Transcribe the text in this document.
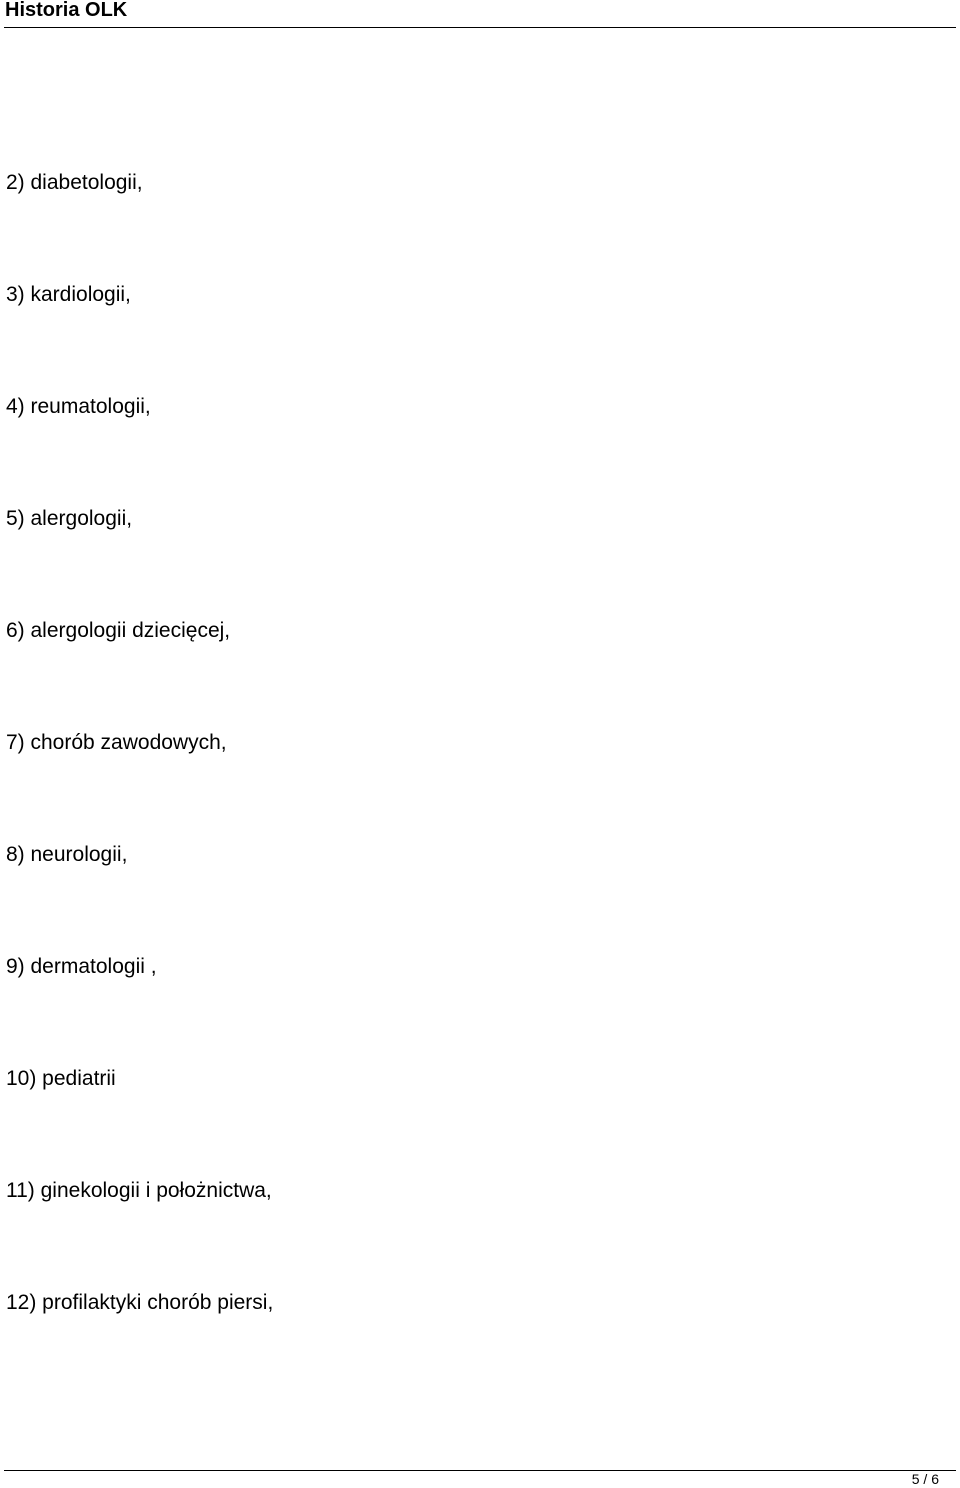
Historia OLK
2) diabetologii,
3) kardiologii,
4) reumatologii,
5) alergologii,
6) alergologii dziecięcej,
7) chorób zawodowych,
8) neurologii,
9) dermatologii ,
10) pediatrii
11) ginekologii i położnictwa,
12) profilaktyki chorób piersi,
5 / 6
